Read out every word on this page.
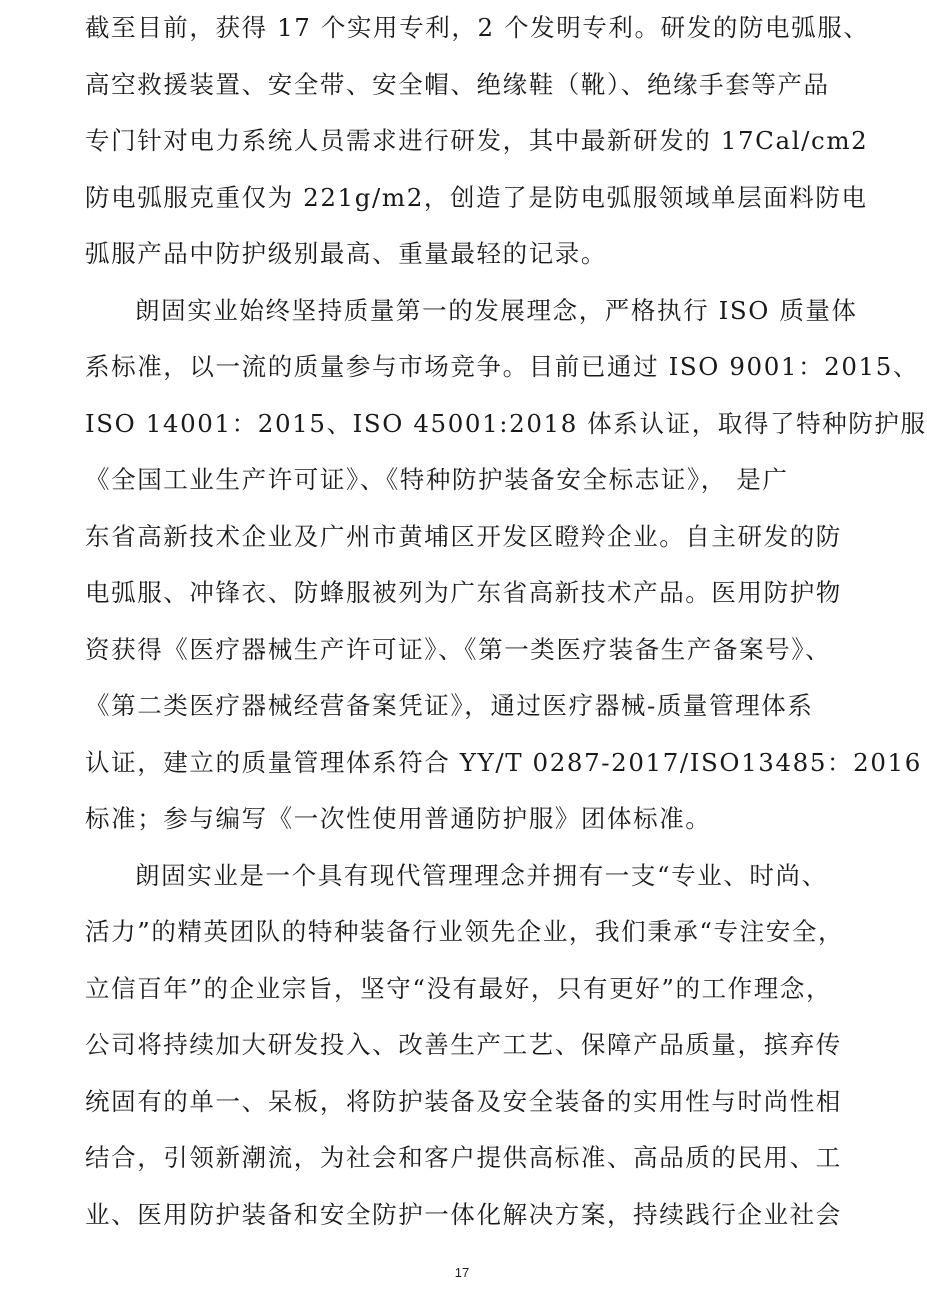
截至目前，获得 17 个实用专利，2 个发明专利。研发的防电弧服、
高空救援装置、安全带、安全帽、绝缘鞋（靴）、绝缘手套等产品
专门针对电力系统人员需求进行研发，其中最新研发的 17Cal/cm2
防电弧服克重仅为 221g/m2，创造了是防电弧服领域单层面料防电
弧服产品中防护级别最高、重量最轻的记录。
朗固实业始终坚持质量第一的发展理念，严格执行 ISO 质量体
系标准，以一流的质量参与市场竞争。目前已通过 ISO 9001：2015、
ISO 14001：2015、ISO 45001:2018 体系认证，取得了特种防护服
《全国工业生产许可证》、《特种防护装备安全标志证》， 是广
东省高新技术企业及广州市黄埔区开发区瞪羚企业。自主研发的防
电弧服、冲锋衣、防蜂服被列为广东省高新技术产品。医用防护物
资获得《医疗器械生产许可证》、《第一类医疗装备生产备案号》、
《第二类医疗器械经营备案凭证》，通过医疗器械-质量管理体系
认证，建立的质量管理体系符合 YY/T 0287-2017/ISO13485：2016
标准；参与编写《一次性使用普通防护服》团体标准。
朗固实业是一个具有现代管理理念并拥有一支“专业、时尚、
活力”的精英团队的特种装备行业领先企业，我们秉承“专注安全，
立信百年”的企业宗旨，坚守“没有最好，只有更好”的工作理念，
公司将持续加大研发投入、改善生产工艺、保障产品质量，摈弃传
统固有的单一、呆板，将防护装备及安全装备的实用性与时尚性相
结合，引领新潮流，为社会和客户提供高标准、高品质的民用、工
业、医用防护装备和安全防护一体化解决方案，持续践行企业社会
17
